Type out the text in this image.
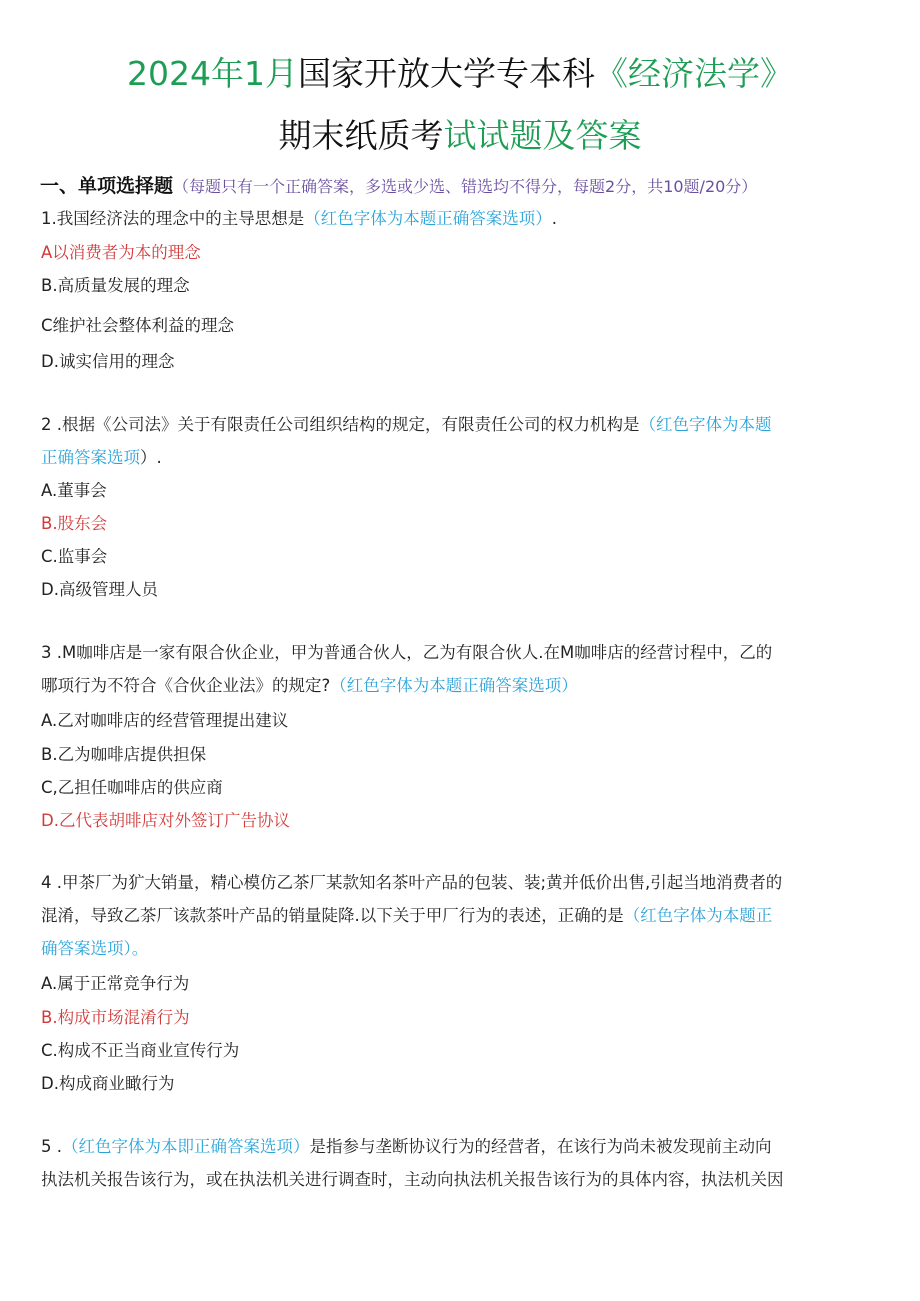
2024年1月国家开放大学专本科《经济法学》
期末纸质考试试题及答案
一、单项选择题（每题只有一个正确答案，多选或少选、错选均不得分，每题2分，共10题/20分）
1.我国经济法的理念中的主导思想是（红色字体为本题正确答案选项）.
A以消费者为本的理念
B.高质量发展的理念
C维护社会整体利益的理念
D.诚实信用的理念
2 .根据《公司法》关于有限责任公司组织结构的规定，有限责任公司的权力机构是（红色字体为本题
正确答案选项）.
A.董事会
B.股东会
C.监事会
D.高级管理人员
3 .M咖啡店是一家有限合伙企业，甲为普通合伙人，乙为有限合伙人.在M咖啡店的经营讨程中，乙的
哪项行为不符合《合伙企业法》的规定?（红色字体为本题正确答案选项）
A.乙对咖啡店的经营管理提出建议
B.乙为咖啡店提供担保
C,乙担任咖啡店的供应商
D.乙代表胡啡店对外签订广告协议
4 .甲茶厂为犷大销量，精心模仿乙茶厂某款知名茶叶产品的包装、装;黄并低价出售,引起当地消费者的
混淆，导致乙茶厂该款茶叶产品的销量陡降.以下关于甲厂行为的表述，正确的是（红色字体为本题正
确答案选项）。
A.属于正常竞争行为
B.构成市场混淆行为
C.构成不正当商业宣传行为
D.构成商业瞰行为
5 .（红色字体为本即正确答案选项）是指参与垄断协议行为的经营者，在该行为尚未被发现前主动向
执法机关报告该行为，或在执法机关进行调查时，主动向执法机关报告该行为的具体内容，执法机关因
